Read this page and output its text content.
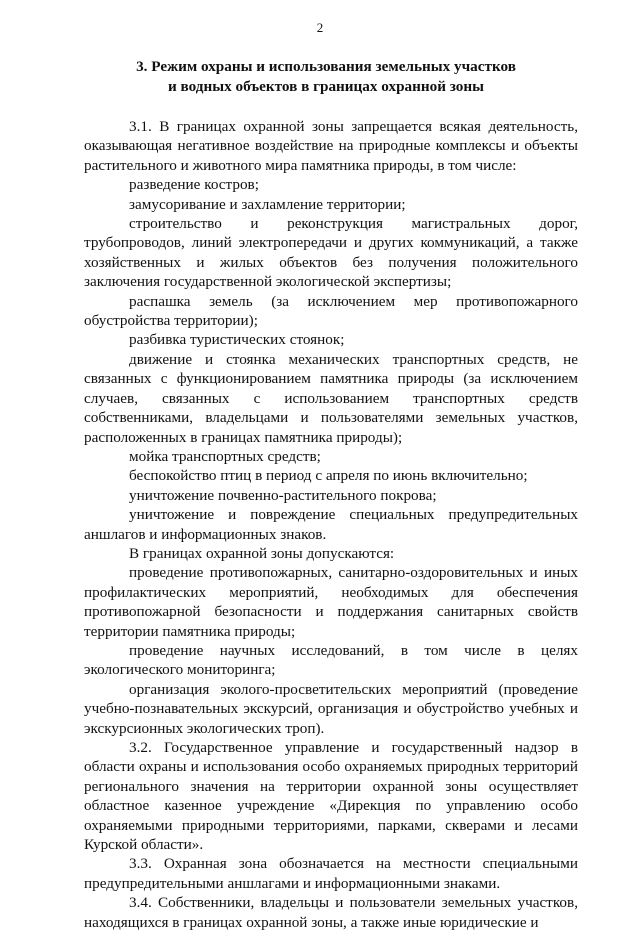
2
3. Режим охраны и использования земельных участков
и водных объектов в границах охранной зоны

3.1. В границах охранной зоны запрещается всякая деятельность, оказывающая негативное воздействие на природные комплексы и объекты растительного и животного мира памятника природы, в том числе:

разведение костров;

замусоривание и захламление территории;

строительство и реконструкция магистральных дорог, трубопроводов, линий электропередачи и других коммуникаций, а также хозяйственных и жилых объектов без получения положительного заключения государственной экологической экспертизы;

распашка земель (за исключением мер противопожарного обустройства территории);

разбивка туристических стоянок;

движение и стоянка механических транспортных средств, не связанных с функционированием памятника природы (за исключением случаев, связанных с использованием транспортных средств собственниками, владельцами и пользователями земельных участков, расположенных в границах памятника природы);

мойка транспортных средств;

беспокойство птиц в период с апреля по июнь включительно;

уничтожение почвенно-растительного покрова;

уничтожение и повреждение специальных предупредительных аншлагов и информационных знаков.

В границах охранной зоны допускаются:

проведение противопожарных, санитарно-оздоровительных и иных профилактических мероприятий, необходимых для обеспечения противопожарной безопасности и поддержания санитарных свойств территории памятника природы;

проведение научных исследований, в том числе в целях экологического мониторинга;

организация эколого-просветительских мероприятий (проведение учебно-познавательных экскурсий, организация и обустройство учебных и экскурсионных экологических троп).

3.2. Государственное управление и государственный надзор в области охраны и использования особо охраняемых природных территорий регионального значения на территории охранной зоны осуществляет областное казенное учреждение «Дирекция по управлению особо охраняемыми природными территориями, парками, скверами и лесами Курской области».

3.3. Охранная зона обозначается на местности специальными предупредительными аншлагами и информационными знаками.

3.4. Собственники, владельцы и пользователи земельных участков, находящихся в границах охранной зоны, а также иные юридические и
